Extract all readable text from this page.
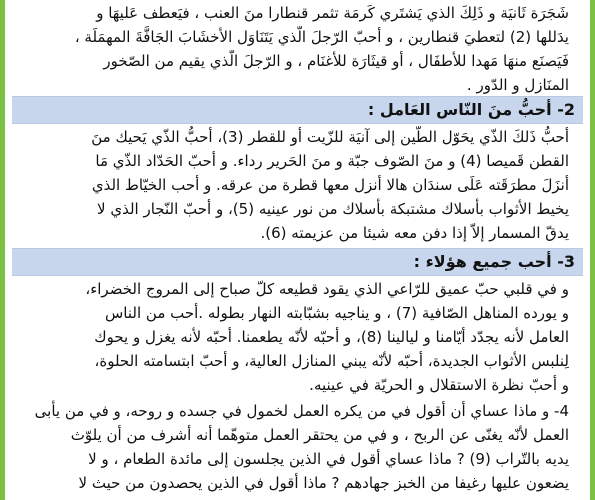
شَجَرَة ثَانيَة و ذَلِكَ الذي يَشتَري كَرمَة تثمر قنطارا منَ العنب ، فيَعطف عَليهَا و
يدَللها (2) لتعطيَ قنطارين ، و أحبّ الرّجلَ الّذي يَتَنَاوَل الأخشَابَ الجَافَّةَ المهمَلَة ،
فَيَصنَع منهَا مَهدا للأطفَال ، أو قيثَارَة للأغنَام ، و الرّجلَ الّذي يقيم من الصّخور
المنَازل و الدّور .
2- أحبُّ منَ النّاس العَامل :
أحبُّ ذَلكَ الذّي يحَوّل الطّين إلى آنيَة للزّيت أو للقطر (3)، أحبُّ الذّي يَحيك منَ
القطن قَميصا (4) و منَ الصّوف جبّة و منَ الحَرير رداء. و أحبّ الحَدّاد الذّي مَا
أنزَلَ مطرَقَته عَلَى سندَان هالا أنزل معها قطرة من عرقه. و أحب الخيّاط الذي
يخيط الأثواب بأسلاك مشتبكة بأسلاك من نور عينيه (5)، و أحبّ النّجار الذي لا
يدقّ المسمار إلاّ إذا دفن معه شيئا من عزيمته (6).
3- أحب جميع هؤلاء :
و في قلبي حبّ عميق للرّاعي الذي يقود قطيعه كلّ صباح إلى المروج الخضراء،
و يورده المناهل الصّافية (7) ، و يناجيه بشبّابته النهار بطوله .أحب من الناس
العامل لأنه يجدّد أيّامنا و ليالينا (8)، و أحبّه لأنّه يطعمنا. أحبّه لأنه يغزل و يحوك
لِنلبس الأثواب الجديدة، أحبّه لأنّه يبني المنازل العالية، و أحبّ ابتسامته الحلوة،
و أحبّ نظرة الاستقلال و الحريّة في عينيه.
4- و ماذا عساي أن أقول في من يكره العمل لخمول في جسده و روحه، و في من يأبى
العمل لأنّه يغنّى عن الربح ، و في من يحتقر العمل متوهّما أنه أشرف من أن يلوّث
يديه بالتّراب (9) ? ماذا عساي أقول في الذين يجلسون إلى مائدة الطعام ، و لا
يضعون عليها رغيفا من الخبز جهادهم ? ماذا أقول في الذين يحصدون من حيث لا
